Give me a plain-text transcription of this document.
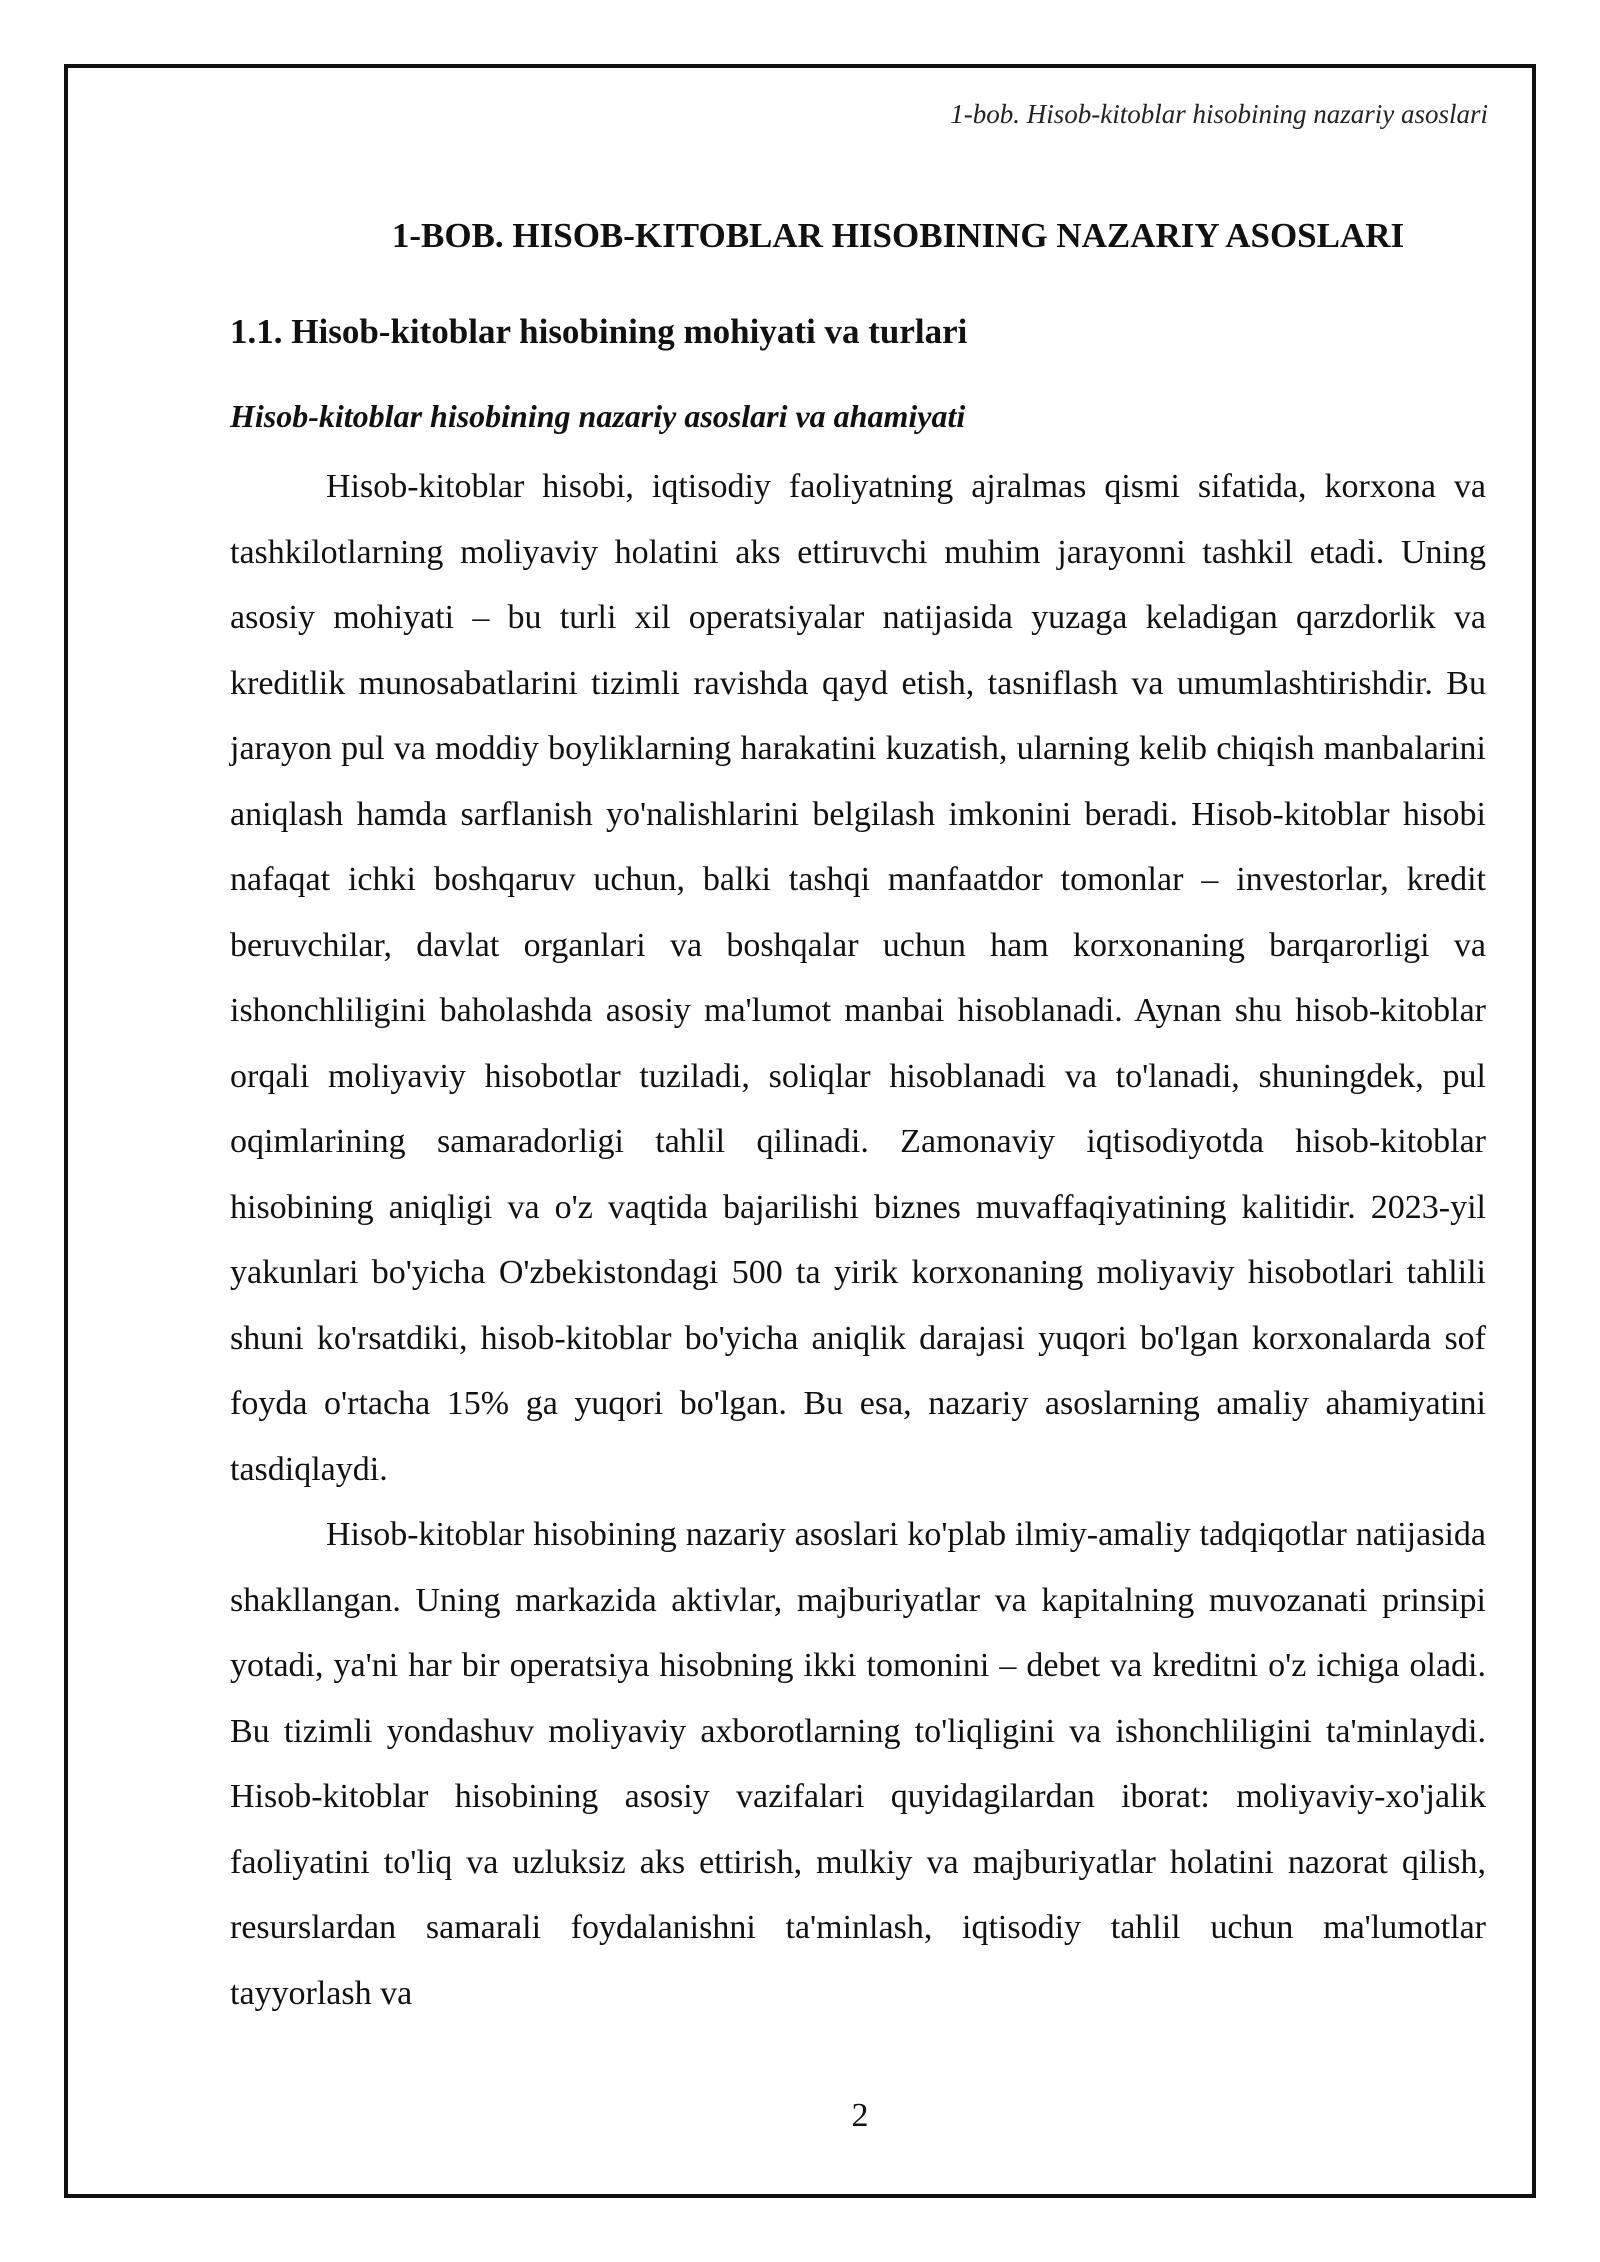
1-bob. Hisob-kitoblar hisobining nazariy asoslari
1-BOB. HISOB-KITOBLAR HISOBINING NAZARIY ASOSLARI
1.1. Hisob-kitoblar hisobining mohiyati va turlari
Hisob-kitoblar hisobining nazariy asoslari va ahamiyati

Hisob-kitoblar hisobi, iqtisodiy faoliyatning ajralmas qismi sifatida, korxona va tashkilotlarning moliyaviy holatini aks ettiruvchi muhim jarayonni tashkil etadi. Uning asosiy mohiyati – bu turli xil operatsiyalar natijasida yuzaga keladigan qarzdorlik va kreditlik munosabatlarini tizimli ravishda qayd etish, tasniflash va umumlashtirishdir. Bu jarayon pul va moddiy boyliklarning harakatini kuzatish, ularning kelib chiqish manbalarini aniqlash hamda sarflanish yo'nalishlarini belgilash imkonini beradi. Hisob-kitoblar hisobi nafaqat ichki boshqaruv uchun, balki tashqi manfaatdor tomonlar – investorlar, kredit beruvchilar, davlat organlari va boshqalar uchun ham korxonaning barqarorligi va ishonchliligini baholashda asosiy ma'lumot manbai hisoblanadi. Aynan shu hisob-kitoblar orqali moliyaviy hisobotlar tuziladi, soliqlar hisoblanadi va to'lanadi, shuningdek, pul oqimlarining samaradorligi tahlil qilinadi. Zamonaviy iqtisodiyotda hisob-kitoblar hisobining aniqligi va o'z vaqtida bajarilishi biznes muvaffaqiyatining kalitidir. 2023-yil yakunlari bo'yicha O'zbekistondagi 500 ta yirik korxonaning moliyaviy hisobotlari tahlili shuni ko'rsatdiki, hisob-kitoblar bo'yicha aniqlik darajasi yuqori bo'lgan korxonalarda sof foyda o'rtacha 15% ga yuqori bo'lgan. Bu esa, nazariy asoslarning amaliy ahamiyatini tasdiqlaydi.

Hisob-kitoblar hisobining nazariy asoslari ko'plab ilmiy-amaliy tadqiqotlar natijasida shakllangan. Uning markazida aktivlar, majburiyatlar va kapitalning muvozanati prinsipi yotadi, ya'ni har bir operatsiya hisobning ikki tomonini – debet va kreditni o'z ichiga oladi. Bu tizimli yondashuv moliyaviy axborotlarning to'liqligini va ishonchliligini ta'minlaydi. Hisob-kitoblar hisobining asosiy vazifalari quyidagilardan iborat: moliyaviy-xo'jalik faoliyatini to'liq va uzluksiz aks ettirish, mulkiy va majburiyatlar holatini nazorat qilish, resurslardan samarali foydalanishni ta'minlash, iqtisodiy tahlil uchun ma'lumotlar tayyorlash va

2
